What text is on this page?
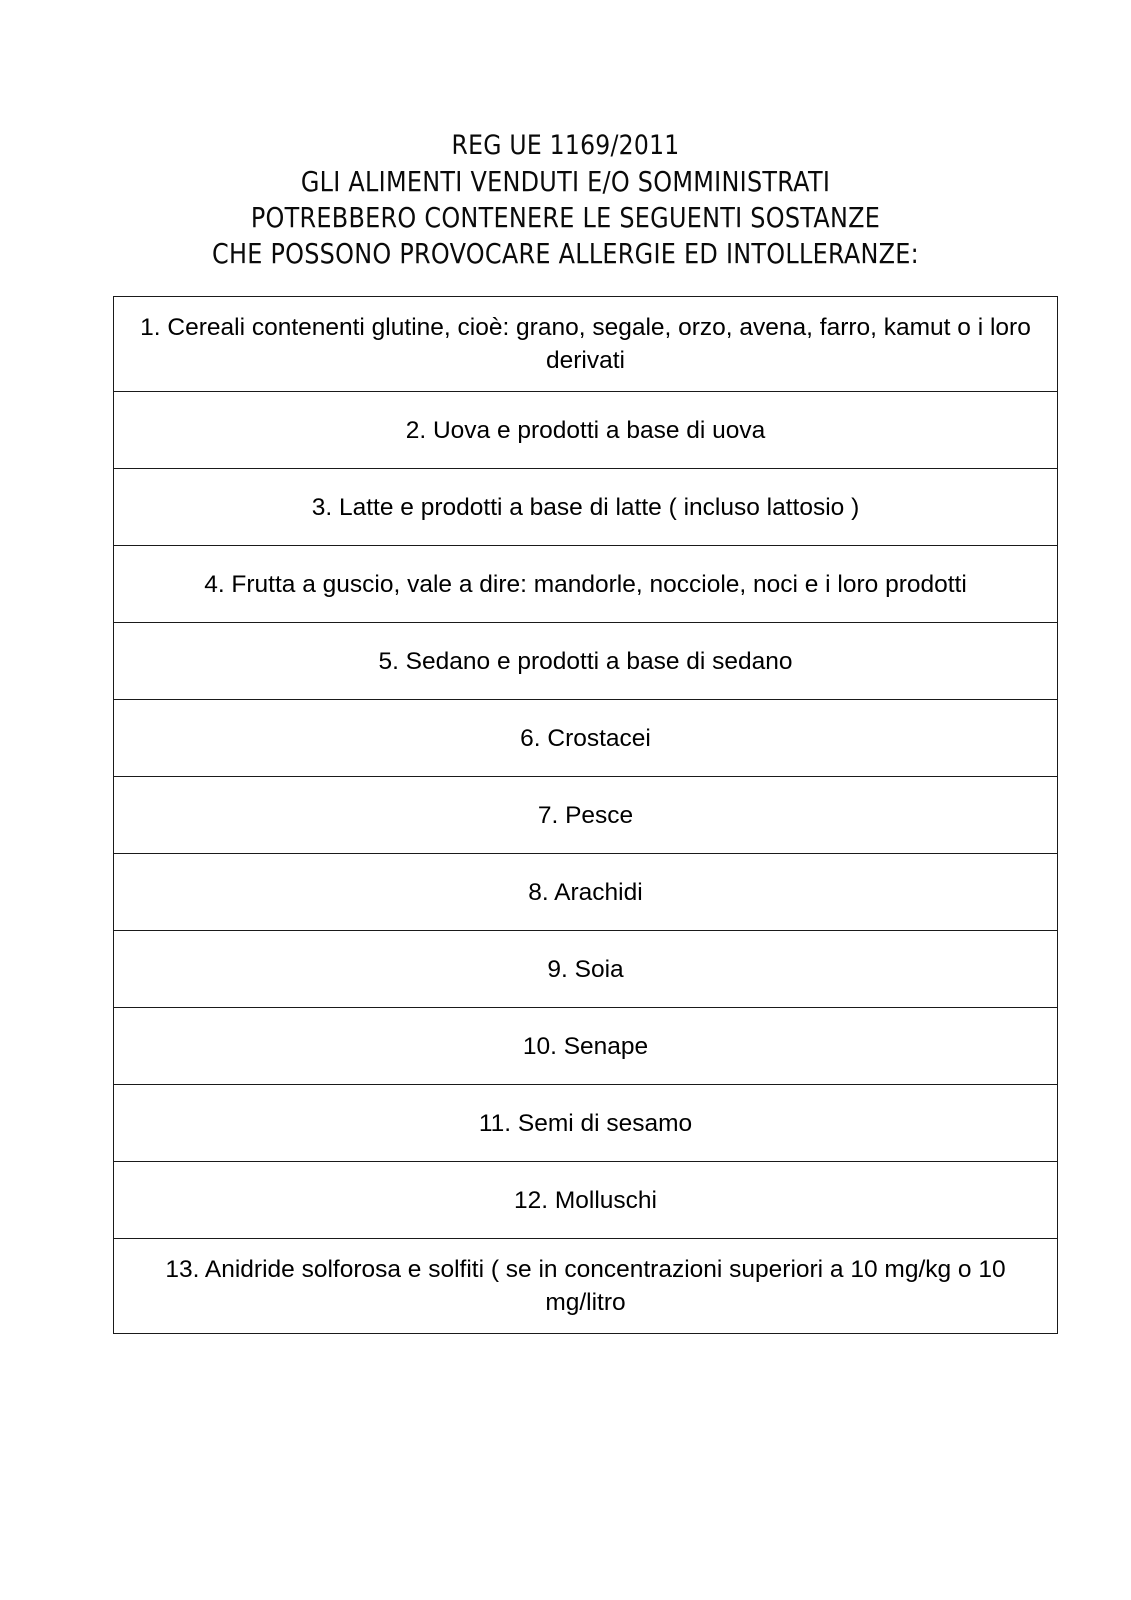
REG UE 1169/2011
GLI ALIMENTI VENDUTI E/O SOMMINISTRATI
POTREBBERO CONTENERE LE SEGUENTI SOSTANZE
CHE POSSONO PROVOCARE ALLERGIE ED INTOLLERANZE:
1. Cereali contenenti glutine, cioè: grano, segale, orzo, avena, farro, kamut o i loro derivati
2. Uova e prodotti a base di uova
3. Latte e prodotti a base di latte ( incluso lattosio )
4. Frutta a guscio, vale a dire: mandorle, nocciole, noci e i loro prodotti
5. Sedano e prodotti a base di sedano
6. Crostacei
7. Pesce
8. Arachidi
9. Soia
10. Senape
11. Semi di sesamo
12. Molluschi
13. Anidride solforosa e solfiti ( se in concentrazioni superiori a 10 mg/kg o 10 mg/litro
